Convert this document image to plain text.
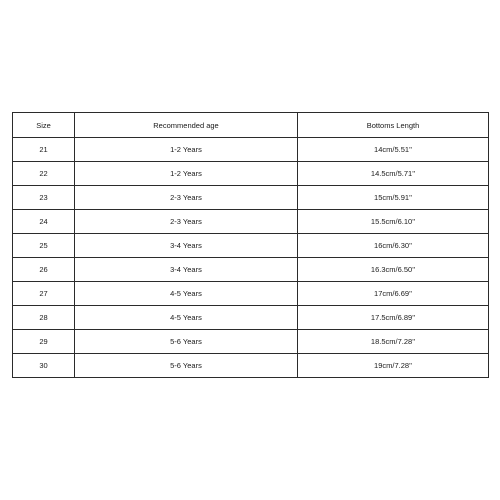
Size	Recommended age	Bottoms Length
21	1-2 Years	14cm/5.51''
22	1-2 Years	14.5cm/5.71''
23	2-3 Years	15cm/5.91''
24	2-3 Years	15.5cm/6.10''
25	3-4 Years	16cm/6.30''
26	3-4 Years	16.3cm/6.50''
27	4-5 Years	17cm/6.69''
28	4-5 Years	17.5cm/6.89''
29	5-6 Years	18.5cm/7.28''
30	5-6 Years	19cm/7.28''
